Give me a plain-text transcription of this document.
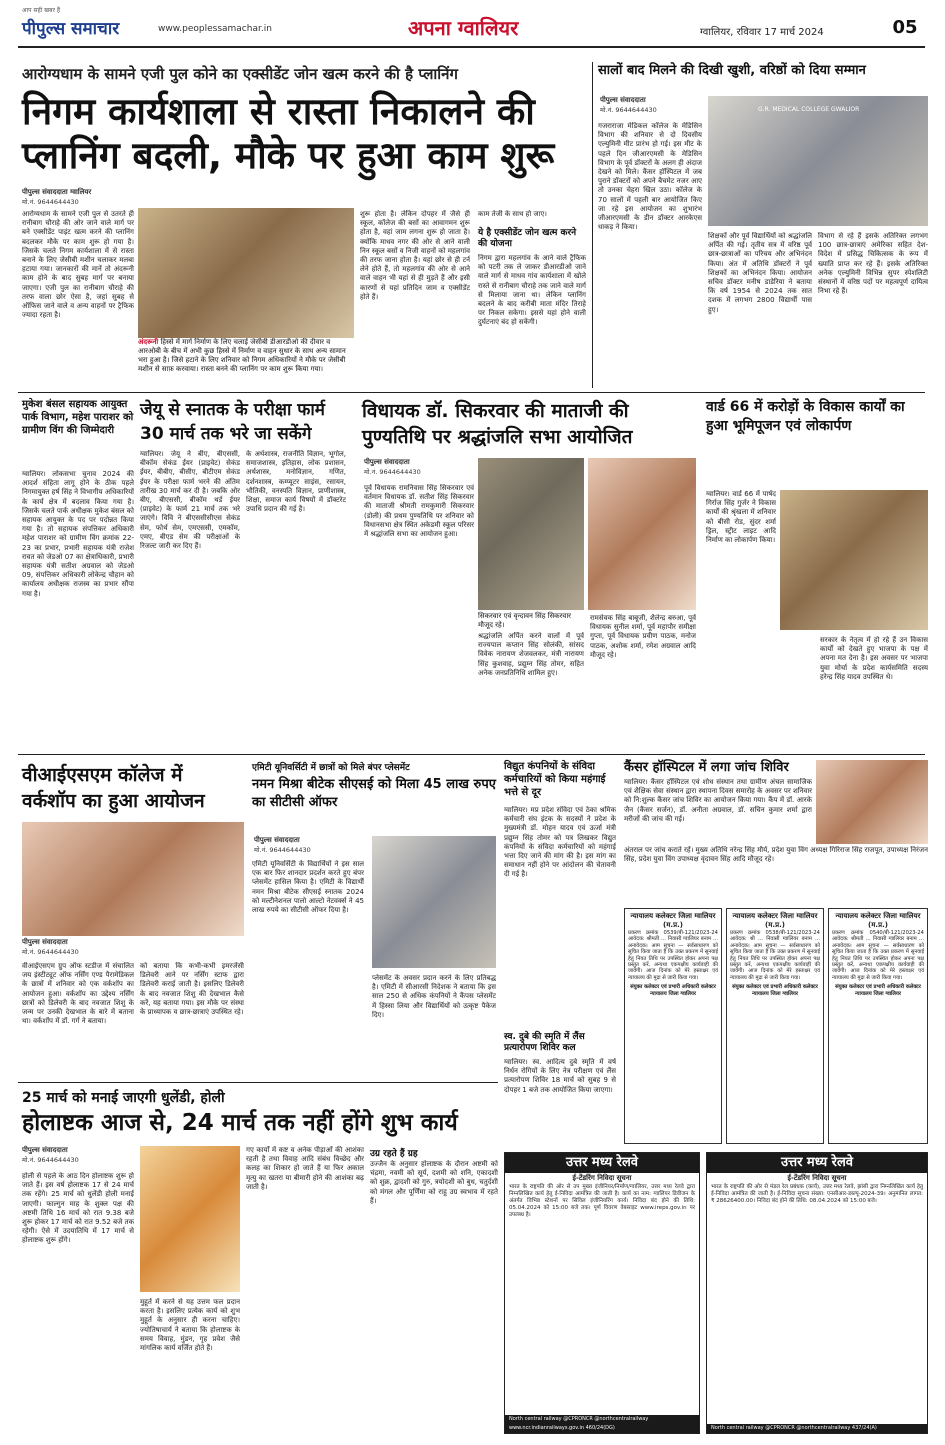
पीपुल्स समाचार
आप सही खबर हैं
www.peoplessamachar.in	अपना ग्वालियर	ग्वालियर, रविवार 17 मार्च 2024	05
आरोग्यधाम के सामने एजी पुल कोने का एक्सीडेंट जोन खत्म करने की है प्लानिंग
निगम कार्यशाला से रास्ता निकालने की प्लानिंग बदली, मौके पर हुआ काम शुरू
पीपुल्स संवाददाता ग्वालियर
मो.नं. 9644644430
आरोग्यधाम के सामने एजी पुल से उतरते ही रानीबाग चौराहे की ओर जाने वाले मार्ग पर बने एक्सीडेंट पाइंट खत्म करने की प्लानिंग बदलकर मौके पर काम शुरू हो गया है। जिसके चलते निगम कार्यशाला में से रास्ता बनाने के लिए जेसीबी मशीन चलाकर मलबा हटाया गया। जानकारों की मानें तो अंदरूनी काम होने के बाद सुबह मार्ग पर बनाया जाएगा। एजी पुल का रानीबाग चौराहे की तरफ वाला छोर ऐसा है, जहां सुबह से ऑफिस जाने वाले व अन्य वाहनों पर ट्रैफिक ज्यादा रहता है।
अंदरूनी हिस्से में मार्ग निर्माण के लिए चलाई जेसीबी डीआरडीओ की दीवार व आरओबी के बीच में अभी कुछ हिस्से में निर्माण व वाहन सुधार के साथ अन्य सामान भरा हुआ है। जिसे हटाने के लिए शनिवार को निगम अधिकारियों ने मौके पर जेसीबी मशीन से साफ़ करवाया। रास्ता बनने की प्लानिंग पर काम शुरू किया गया।
शुरू होता है। लेकिन दोपहर में जैसे ही स्कूल, कॉलेज की बसों का आवागमन शुरू होता है, वहां जाम लगना शुरू हो जाता है। क्योंकि माधव नगर की ओर से आने वाली निन स्कूल बसों व निजी वाहनों को महलगांव की तरफ जाना होता है। यहां छोर से ही टर्न लेने होते हैं, तो महलगांव की ओर से आने वाले वाहन भी यहां से ही मुड़ते हैं और इसी कारणों से यहां प्रतिदिन जाम व एक्सीडेंट होते हैं।
काम तेजी के साथ हो जाए।
ये है एक्सीडेंट जोन खत्म करने की योजना
निगम द्वारा महलगांव के आने वाले ट्रैफिक को पटरी तक ले जाकर डीआरडीओ जाने वाले मार्ग से माधव गांव कार्यशाला में खोले रास्ते से रानीबाग चौराहे तक जाने वाले मार्ग से मिलाया जाना था। लेकिन प्लानिंग बदलने के बाद करीबी माता मंदिर तिराहे पर निकल सकेगा। इससे यहां होने वाली दुर्घटनाएं बंद हो सकेंगी।
सालों बाद मिलने की दिखी खुशी, वरिष्ठों को दिया सम्मान
पीपुल्स संवाददाता
मो.नं. 9644644430
गजराराजा मेडिकल कॉलेज के मेडिसिन विभाग की शनिवार से दो दिवसीय एल्युमिनी मीट प्रारंभ हो गई। इस मीट के पहले दिन जीआरएमसी के मेडिसिन विभाग के पूर्व डॉक्टरों के अलग ही अंदाज देखने को मिले। कैंसर हॉस्पिटल में जब पुराने डॉक्टरों को अपने बैचमेट नजर आए तो उनका चेहरा खिल उठा। कॉलेज के 70 सालों में पहली बार आयोजित किए जा रहे इस आयोजन का शुभारंभ जीआरएमसी के डीन डॉक्टर आरकेएस धाकड़ ने किया।
G.R. MEDICAL COLLEGE GWALIOR
शिक्षकों और पूर्व विद्यार्थियों को श्रद्धांजलि अर्पित की गई। तृतीय सत्र में वरिष्ठ पूर्व छात्र-छात्राओं का परिचय और अभिनंदन किया। अंत में अतिथि डॉक्टरों ने पूर्व शिक्षकों का अभिनंदन किया। आयोजन सचिव डॉक्टर मनीष डाडेरिया ने बताया कि वर्ष 1954 से 2024 तक सात दशक में लगभग 2800 विद्यार्थी पास हुए।
विभाग से रहे हैं इसके अतिरिक्त लगभग 100 छात्र-छात्राएं अमेरिका सहित देश-विदेश में प्रसिद्ध चिकित्सक के रूप में ख्याति प्राप्त कर रहे हैं। इसके अतिरिक्त अनेक एल्युमिनी विभिन्न सुपर स्पेशलिटी संस्थानों में वरिष्ठ पदों पर महत्वपूर्ण दायित्व निभा रहे हैं।
मुकेश बंसल सहायक आयुक्त पार्क विभाग, महेश पाराशर को ग्रामीण विंग की जिम्मेदारी
ग्वालियर। लोकसभा चुनाव 2024 की आदर्श संहिता लागू होने के ठीक पहले निगमायुक्त हर्ष सिंह ने विभागीय अधिकारियों के कार्य क्षेत्र में बदलाव किया गया है। जिसके चलते पार्क अधीक्षक मुकेश बंसल को सहायक आयुक्त के पद पर पदोन्नत किया गया है। तो सहायक संपत्तिकर अधिकारी महेश पाराशर को ग्रामीण विंग क्रमांक 22-23 का प्रभार, प्रभारी सहायक यंत्री राजेश रावत को जेडओ 07 का क्षेत्राधिकारी, प्रभारी सहायक यंत्री सतीश अग्रवाल को जेडओ 09, संपत्तिकर अधिकारी लोकेन्द्र चौहान को कार्यालय अधीक्षक राजस्व का प्रभार सौंपा गया है।
जेयू से स्नातक के परीक्षा फार्म 30 मार्च तक भरे जा सकेंगे
ग्वालियर। जेयू ने बीए, बीएससी, बीकॉम सेकंड ईयर (प्राइवेट) सेकंड ईयर, बीबीए, बीसीए, बीटीएम सेकंड ईयर के परीक्षा फार्म भरने की अंतिम तारीख 30 मार्च कर दी है। जबकि ओर बीए, बीएससी, बीकॉम थर्ड ईयर (प्राइवेट) के फार्म 21 मार्च तक भरे जाएंगे। विवि ने बीएससीसीएस सेकंड सेम, फोर्थ सेम, एमएससी, एमकॉम, एमए, बीएड सेम की परीक्षाओं के रिजल्ट जारी कर दिए हैं।
के अर्थशास्त्र, राजनीति विज्ञान, भूगोल, समाजशास्त्र, इतिहास, लोक प्रशासन, अर्थशास्त्र, मनोविज्ञान, गणित, दर्शनशास्त्र, कम्प्यूटर साइंस, रसायन, भौतिकी, वनस्पति विज्ञान, प्राणीशास्त्र, शिक्षा, समाज कार्य विषयों में डॉक्टरेट उपाधि प्रदान की गई है।
विधायक डॉ. सिकरवार की माताजी की पुण्यतिथि पर श्रद्धांजलि सभा आयोजित
पीपुल्स संवाददाता
मो.नं. 9644644430
पूर्व विधायक रामनिवास सिंह सिकरवार एवं वर्तमान विधायक डॉ. सतीश सिंह सिकरवार की माताजी श्रीमती रामकुमारी सिकरवार (डोली) की प्रथम पुण्यतिथि पर शनिवार को विधानसभा क्षेत्र स्थित अकेडमी स्कूल परिसर में श्रद्धांजलि सभा का आयोजन हुआ।
सिकरवार एवं वृन्दावन सिंह सिकरवार मौजूद रहे।
श्रद्धांजलि अर्पित करने वालों में पूर्व राज्यपाल कप्तान सिंह सोलंकी, सांसद विवेक नारायण शेजवलकर, मंत्री नारायण सिंह कुशवाह, प्रद्युम्न सिंह तोमर, सहित अनेक जनप्रतिनिधि शामिल हुए।
रामसेवक सिंह बाबूजी, शैलेन्द्र बरुआ, पूर्व विधायक सुनील शर्मा, पूर्व महापौर समीक्षा गुप्ता, पूर्व विधायक प्रवीण पाठक, मनोज पाठक, अशोक शर्मा, रमेश अग्रवाल आदि मौजूद रहे।
वार्ड 66 में करोड़ों के विकास कार्यों का हुआ भूमिपूजन एवं लोकार्पण
ग्वालियर। वार्ड 66 में पार्षद गिर्राज सिंह गुर्जर ने विकास कार्यों की श्रृंखला में शनिवार को बीसी रोड, सुंदर शर्मा ड्रिल, स्ट्रीट लाइट आदि निर्माण का लोकार्पण किया।
सरकार के नेतृत्व में हो रहे हैं उन विकास कार्यों को देखते हुए भाजपा के पक्ष में अपना मत देना है। इस अवसर पर भाजपा युवा मोर्चा के प्रदेश कार्यसमिति सदस्य हरेन्द्र सिंह यादव उपस्थित थे।
वीआईएसएम कॉलेज में वर्कशॉप का हुआ आयोजन
पीपुल्स संवाददाता
मो.नं. 9644644430
वीआईएसएम ग्रुप ऑफ स्टडीज में संचालित जय इंस्टीट्यूट ऑफ नर्सिंग एण्ड पैरामेडिकल के छात्रों में शनिवार को एक वर्कशॉप का आयोजन हुआ। वर्कशॉप का उद्देश्य नर्सिंग छात्रों को डिलेवरी के बाद नवजात शिशु के जन्म पर उनकी देखभाल के बारे में बताना था। वर्कशॉप में डॉ. गर्ग ने बताया।
को बताया कि कभी-कभी इमरजेंसी डिलेवरी आने पर नर्सिंग स्टाफ द्वारा डिलेवरी कराई जाती है। इसलिए डिलेवरी के बाद नवजात शिशु की देखभाल कैसे करें, यह बताया गया। इस मौके पर संस्था के प्राध्यापक व छात्र-छात्राएं उपस्थित रहे।
एमिटी यूनिवर्सिटी में छात्रों को मिले बंपर प्लेसमेंट
नमन मिश्रा बीटेक सीएसई को मिला 45 लाख रुपए का सीटीसी ऑफर
पीपुल्स संवाददाता
मो.नं. 9644644430
एमिटी यूनिवर्सिटी के विद्यार्थियों ने इस साल एक बार फिर शानदार प्रदर्शन करते हुए बंपर प्लेसमेंट हासिल किया है। एमिटी के विद्यार्थी नमन मिश्रा बीटेक सीएसई स्नातक 2024 को मल्टीनेशनल पालो आल्टो नेटवर्क्स ने 45 लाख रुपये का सीटीसी ऑफर दिया है।
प्लेसमेंट के अवसर प्रदान करने के लिए प्रतिबद्ध है। एमिटी में सीआरसी निदेशक ने बताया कि इस साल 250 से अधिक कंपनियों ने कैंपस प्लेसमेंट में हिस्सा लिया और विद्यार्थियों को उत्कृष्ट पैकेज दिए।
विद्युत कंपनियों के संविदा कर्मचारियों को किया महंगाई भत्ते से दूर
ग्वालियर। मप्र प्रदेश संविदा एवं ठेका श्रमिक कर्मचारी संघ इंटक के सदस्यों ने प्रदेश के मुख्यमंत्री डॉ. मोहन यादव एवं ऊर्जा मंत्री प्रद्युम्न सिंह तोमर को पत्र लिखकर विद्युत कंपनियों के संविदा कर्मचारियों को महंगाई भत्ता दिए जाने की मांग की है। इस मांग का समाधान नहीं होने पर आंदोलन की चेतावनी दी गई है।
स्व. दुबे की स्मृति में लैंस प्रत्यारोपण शिविर कल
ग्वालियर। स्व. आदित्य दुबे स्मृति में वर्ष निर्धन रोगियों के लिए नेत्र परीक्षण एवं लैंस प्रत्यारोपण शिविर 18 मार्च को सुबह 9 से दोपहर 1 बजे तक आयोजित किया जाएगा।
कैंसर हॉस्पिटल में लगा जांच शिविर
ग्वालियर। कैंसर हॉस्पिटल एवं शोध संस्थान तथा ग्रामीण अंचल सामाजिक एवं शैक्षिक सेवा संस्थान द्वारा स्थापना दिवस समारोह के अवसर पर शनिवार को नि:शुल्क कैंसर जांच शिविर का आयोजन किया गया। कैंप में डॉ. आरके जैन (कैंसर सर्जन), डॉ. अनीता अग्रवाल, डॉ. सचिन कुमार शर्मा द्वारा मरीजों की जांच की गई।
अंतराल पर जांच कराते रहें। मुख्य अतिथि नरेन्द्र सिंह मौर्य, प्रदेश युवा विंग अध्यक्ष गिरिराज सिंह राजपूत, उपाध्यक्ष निरंजन सिंह, प्रदेश युवा विंग उपाध्यक्ष वृंदावन सिंह आदि मौजूद रहे।
न्यायालय कलेक्टर जिला ग्वालियर (म.प्र.)
प्रकरण क्रमांक 0539/बी-121/2023-24 आवेदक: श्रीमती ... निवासी ग्वालियर बनाम ... अनावेदक। आम सूचना — सर्वसाधारण को सूचित किया जाता है कि उक्त प्रकरण में सुनवाई हेतु नियत तिथि पर उपस्थित होकर अपना पक्ष प्रस्तुत करें, अन्यथा एकपक्षीय कार्यवाही की जावेगी। आज दिनांक को मेरे हस्ताक्षर एवं न्यायालय की मुद्रा से जारी किया गया।
संयुक्त कलेक्टर एवं प्रभारी अधिकारी कलेक्टर न्यायालय जिला ग्वालियर
न्यायालय कलेक्टर जिला ग्वालियर (म.प्र.)
प्रकरण क्रमांक 0538/बी-121/2023-24 आवेदक: श्री ... निवासी ग्वालियर बनाम ... अनावेदक। आम सूचना — सर्वसाधारण को सूचित किया जाता है कि उक्त प्रकरण में सुनवाई हेतु नियत तिथि पर उपस्थित होकर अपना पक्ष प्रस्तुत करें, अन्यथा एकपक्षीय कार्यवाही की जावेगी। आज दिनांक को मेरे हस्ताक्षर एवं न्यायालय की मुद्रा से जारी किया गया।
संयुक्त कलेक्टर एवं प्रभारी अधिकारी कलेक्टर न्यायालय जिला ग्वालियर
न्यायालय कलेक्टर जिला ग्वालियर (म.प्र.)
प्रकरण क्रमांक 0540/बी-121/2023-24 आवेदक: श्रीमती ... निवासी ग्वालियर बनाम ... अनावेदक। आम सूचना — सर्वसाधारण को सूचित किया जाता है कि उक्त प्रकरण में सुनवाई हेतु नियत तिथि पर उपस्थित होकर अपना पक्ष प्रस्तुत करें, अन्यथा एकपक्षीय कार्यवाही की जावेगी। आज दिनांक को मेरे हस्ताक्षर एवं न्यायालय की मुद्रा से जारी किया गया।
संयुक्त कलेक्टर एवं प्रभारी अधिकारी कलेक्टर न्यायालय जिला ग्वालियर
25 मार्च को मनाई जाएगी धुलेंडी, होली
होलाष्टक आज से, 24 मार्च तक नहीं होंगे शुभ कार्य
पीपुल्स संवाददाता
मो.नं. 9644644430
होली से पहले के आठ दिन होलाष्टक शुरू हो जाते हैं। इस वर्ष होलाष्टक 17 से 24 मार्च तक रहेंगे। 25 मार्च को धुलेंडी होली मनाई जाएगी। फाल्गुन माह के शुक्ल पक्ष की अष्टमी तिथि 16 मार्च को रात 9.38 बजे शुरू होकर 17 मार्च को रात 9.52 बजे तक रहेगी। ऐसे में उदयातिथि में 17 मार्च से होलाष्टक शुरू होंगे।
मुहूर्त में करने से यह उत्तम फल प्रदान करता है। इसलिए प्रत्येक कार्य को शुभ मुहूर्त के अनुसार ही करना चाहिए। ज्योतिषाचार्य ने बताया कि होलाष्टक के समय विवाह, मुंडन, गृह प्रवेश जैसे मांगलिक कार्य वर्जित होते हैं।
गए कार्यों में कष्ट व अनेक पीड़ाओं की आशंका रहती है तथा विवाह आदि संबंध विच्छेद और कलह का शिकार हो जाते हैं या फिर अकाल मृत्यु का खतरा या बीमारी होने की आशंका बढ़ जाती है।
उग्र रहते हैं ग्रह
उज्जैन के अनुसार होलाष्टक के दौरान अष्टमी को चंद्रमा, नवमी को सूर्य, दशमी को शनि, एकादशी को शुक्र, द्वादशी को गुरु, त्रयोदशी को बुध, चतुर्दशी को मंगल और पूर्णिमा को राहु उग्र स्वभाव में रहते हैं।
उत्तर मध्य रेलवे
ई-टेंडरिंग निविदा सूचना
भारत के राष्ट्रपति की ओर से उप मुख्य इंजीनियर/निर्माण/ग्वालियर, उत्तर मध्य रेलवे द्वारा निम्नलिखित कार्य हेतु ई-निविदा आमंत्रित की जाती है। कार्य का नाम: ग्वालियर डिवीजन के अंतर्गत विभिन्न स्टेशनों पर सिविल इंजीनियरिंग कार्य। निविदा बंद होने की तिथि: 05.04.2024 को 15:00 बजे तक। पूर्ण विवरण वेबसाइट www.ireps.gov.in पर उपलब्ध है।
North central railway @CPRONCR @northcentralrailway www.ncr.indianrailways.gov.in 460/24(DG)
उत्तर मध्य रेलवे
ई-टेंडरिंग निविदा सूचना
भारत के राष्ट्रपति की ओर से मंडल रेल प्रबंधक (कार्य), उत्तर मध्य रेलवे, झांसी द्वारा निम्नलिखित कार्य हेतु ई-निविदा आमंत्रित की जाती है। ई-निविदा सूचना संख्या: एनसीआर-डब्ल्यू-2024-39। अनुमानित लागत: ₹ 28626400.00। निविदा बंद होने की तिथि: 08.04.2024 को 15:00 बजे।
North central railway @CPRONCR @northcentralrailway 437/24(A)
